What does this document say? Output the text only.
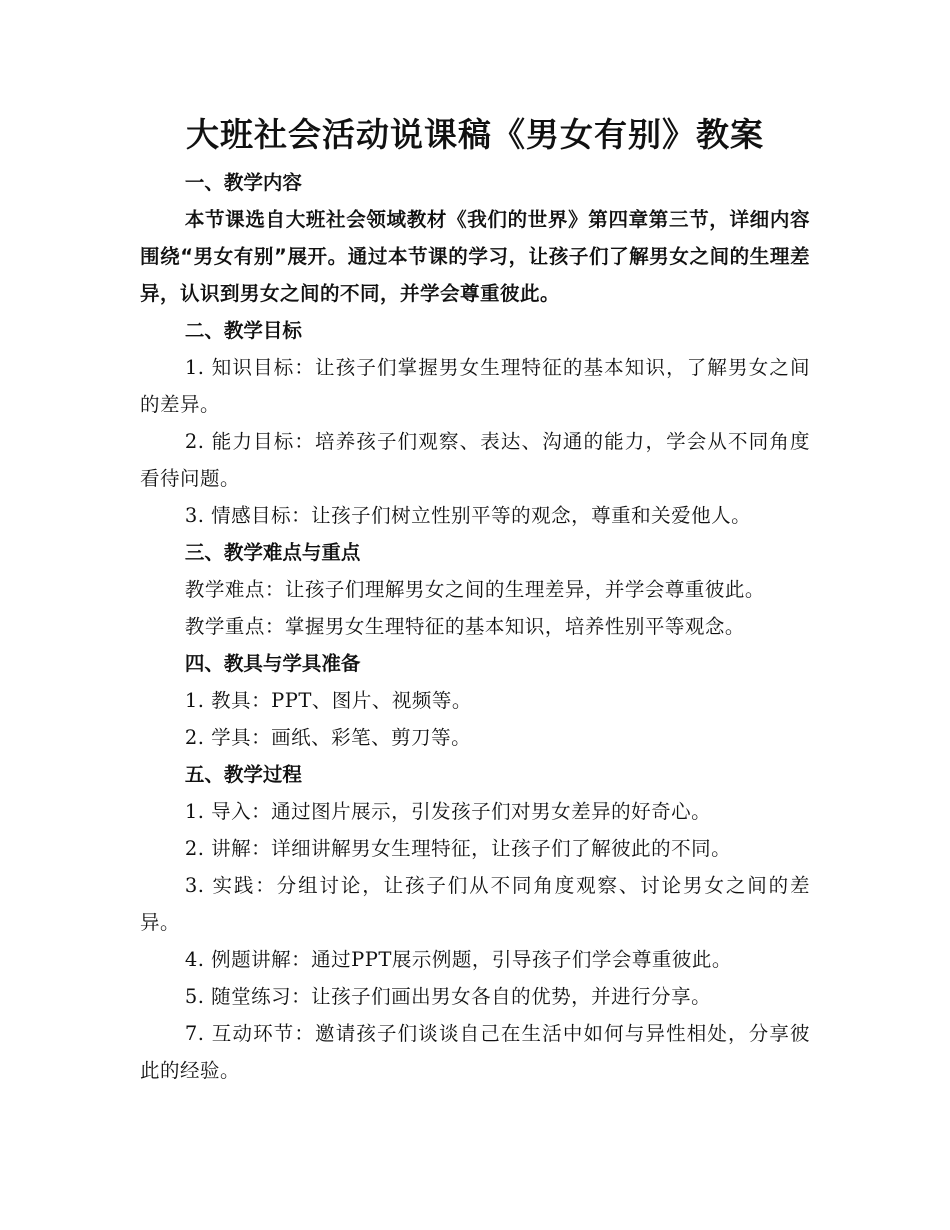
大班社会活动说课稿《男女有别》教案

一、教学内容

本节课选自大班社会领域教材《我们的世界》第四章第三节，详细内容围绕“男女有别”展开。通过本节课的学习，让孩子们了解男女之间的生理差异，认识到男女之间的不同，并学会尊重彼此。

二、教学目标

1. 知识目标：让孩子们掌握男女生理特征的基本知识，了解男女之间的差异。

2. 能力目标：培养孩子们观察、表达、沟通的能力，学会从不同角度看待问题。

3. 情感目标：让孩子们树立性别平等的观念，尊重和关爱他人。

三、教学难点与重点

教学难点：让孩子们理解男女之间的生理差异，并学会尊重彼此。

教学重点：掌握男女生理特征的基本知识，培养性别平等观念。

四、教具与学具准备

1. 教具：PPT、图片、视频等。

2. 学具：画纸、彩笔、剪刀等。

五、教学过程

1. 导入：通过图片展示，引发孩子们对男女差异的好奇心。

2. 讲解：详细讲解男女生理特征，让孩子们了解彼此的不同。

3. 实践：分组讨论，让孩子们从不同角度观察、讨论男女之间的差异。

4. 例题讲解：通过PPT展示例题，引导孩子们学会尊重彼此。

5. 随堂练习：让孩子们画出男女各自的优势，并进行分享。

7. 互动环节：邀请孩子们谈谈自己在生活中如何与异性相处，分享彼此的经验。
